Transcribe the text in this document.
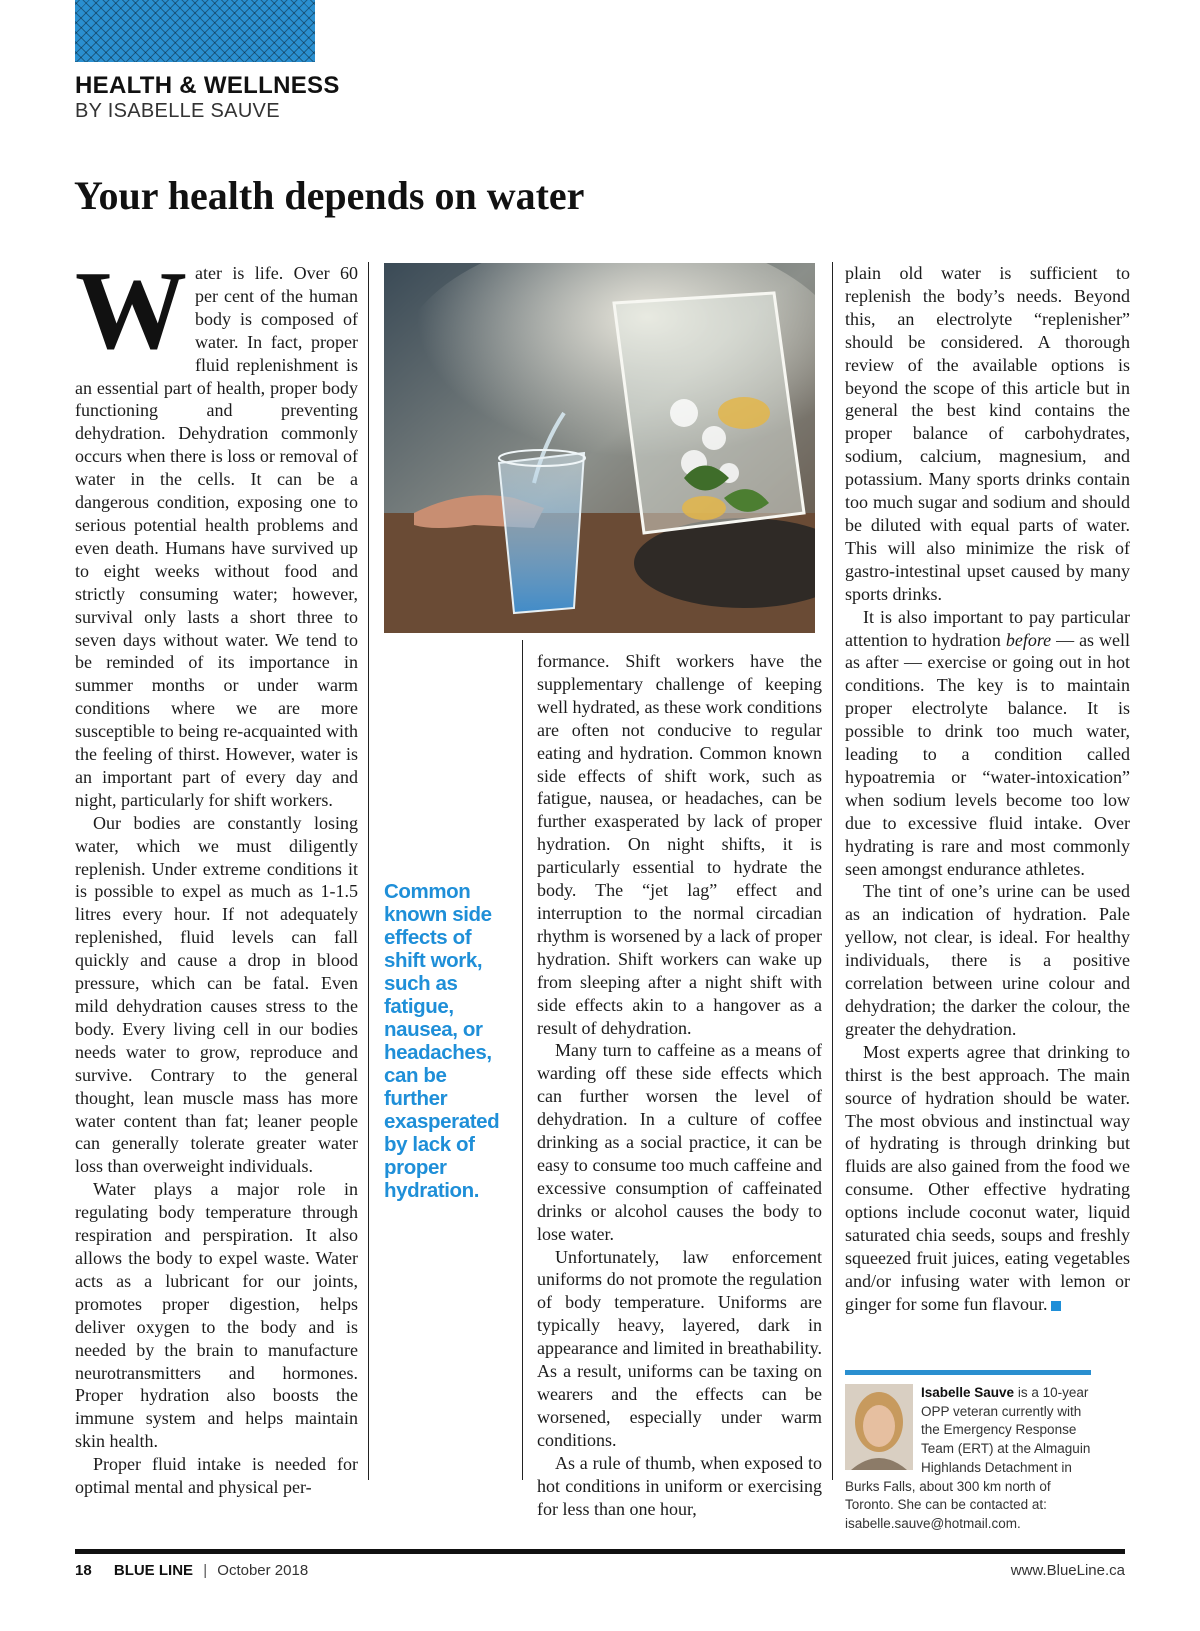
HEALTH & WELLNESS
BY ISABELLE SAUVE
Your health depends on water

Water is life. Over 60 per cent of the human body is composed of water. In fact, proper fluid replenishment is an essential part of health, proper body functioning and preventing dehydration. Dehydration commonly occurs when there is loss or removal of water in the cells. It can be a dangerous condition, exposing one to serious potential health problems and even death. Humans have survived up to eight weeks without food and strictly consuming water; however, survival only lasts a short three to seven days without water. We tend to be reminded of its importance in summer months or under warm conditions where we are more susceptible to being re-acquainted with the feeling of thirst. However, water is an important part of every day and night, particularly for shift workers.

Our bodies are constantly losing water, which we must diligently replenish. Under extreme conditions it is possible to expel as much as 1-1.5 litres every hour. If not adequately replenished, fluid levels can fall quickly and cause a drop in blood pressure, which can be fatal. Even mild dehydration causes stress to the body. Every living cell in our bodies needs water to grow, reproduce and survive. Contrary to the general thought, lean muscle mass has more water content than fat; leaner people can generally tolerate greater water loss than overweight individuals.

Water plays a major role in regulating body temperature through respiration and perspiration. It also allows the body to expel waste. Water acts as a lubricant for our joints, promotes proper digestion, helps deliver oxygen to the body and is needed by the brain to manufacture neurotransmitters and hormones. Proper hydration also boosts the immune system and helps maintain skin health.

Proper fluid intake is needed for optimal mental and physical per-

Common known side effects of shift work, such as fatigue, nausea, or headaches, can be further exasperated by lack of proper hydration.

formance. Shift workers have the supplementary challenge of keeping well hydrated, as these work conditions are often not conducive to regular eating and hydration. Common known side effects of shift work, such as fatigue, nausea, or headaches, can be further exasperated by lack of proper hydration. On night shifts, it is particularly essential to hydrate the body. The “jet lag” effect and interruption to the normal circadian rhythm is worsened by a lack of proper hydration. Shift workers can wake up from sleeping after a night shift with side effects akin to a hangover as a result of dehydration.

Many turn to caffeine as a means of warding off these side effects which can further worsen the level of dehydration. In a culture of coffee drinking as a social practice, it can be easy to consume too much caffeine and excessive consumption of caffeinated drinks or alcohol causes the body to lose water.

Unfortunately, law enforcement uniforms do not promote the regulation of body temperature. Uniforms are typically heavy, layered, dark in appearance and limited in breathability. As a result, uniforms can be taxing on wearers and the effects can be worsened, especially under warm conditions.

As a rule of thumb, when exposed to hot conditions in uniform or exercising for less than one hour,

plain old water is sufficient to replenish the body’s needs. Beyond this, an electrolyte “replenisher” should be considered. A thorough review of the available options is beyond the scope of this article but in general the best kind contains the proper balance of carbohydrates, sodium, calcium, magnesium, and potassium. Many sports drinks contain too much sugar and sodium and should be diluted with equal parts of water. This will also minimize the risk of gastro-intestinal upset caused by many sports drinks.

It is also important to pay particular attention to hydration before — as well as after — exercise or going out in hot conditions. The key is to maintain proper electrolyte balance. It is possible to drink too much water, leading to a condition called hypoatremia or “water-intoxication” when sodium levels become too low due to excessive fluid intake. Over hydrating is rare and most commonly seen amongst endurance athletes.

The tint of one’s urine can be used as an indication of hydration. Pale yellow, not clear, is ideal. For healthy individuals, there is a positive correlation between urine colour and dehydration; the darker the colour, the greater the dehydration.

Most experts agree that drinking to thirst is the best approach. The main source of hydration should be water. The most obvious and instinctual way of hydrating is through drinking but fluids are also gained from the food we consume. Other effective hydrating options include coconut water, liquid saturated chia seeds, soups and freshly squeezed fruit juices, eating vegetables and/or infusing water with lemon or ginger for some fun flavour.

Isabelle Sauve is a 10-year OPP veteran currently with the Emergency Response Team (ERT) at the Almaguin Highlands Detachment in Burks Falls, about 300 km north of Toronto. She can be contacted at: isabelle.sauve@hotmail.com.
18 BLUE LINE | October 2018	www.BlueLine.ca
